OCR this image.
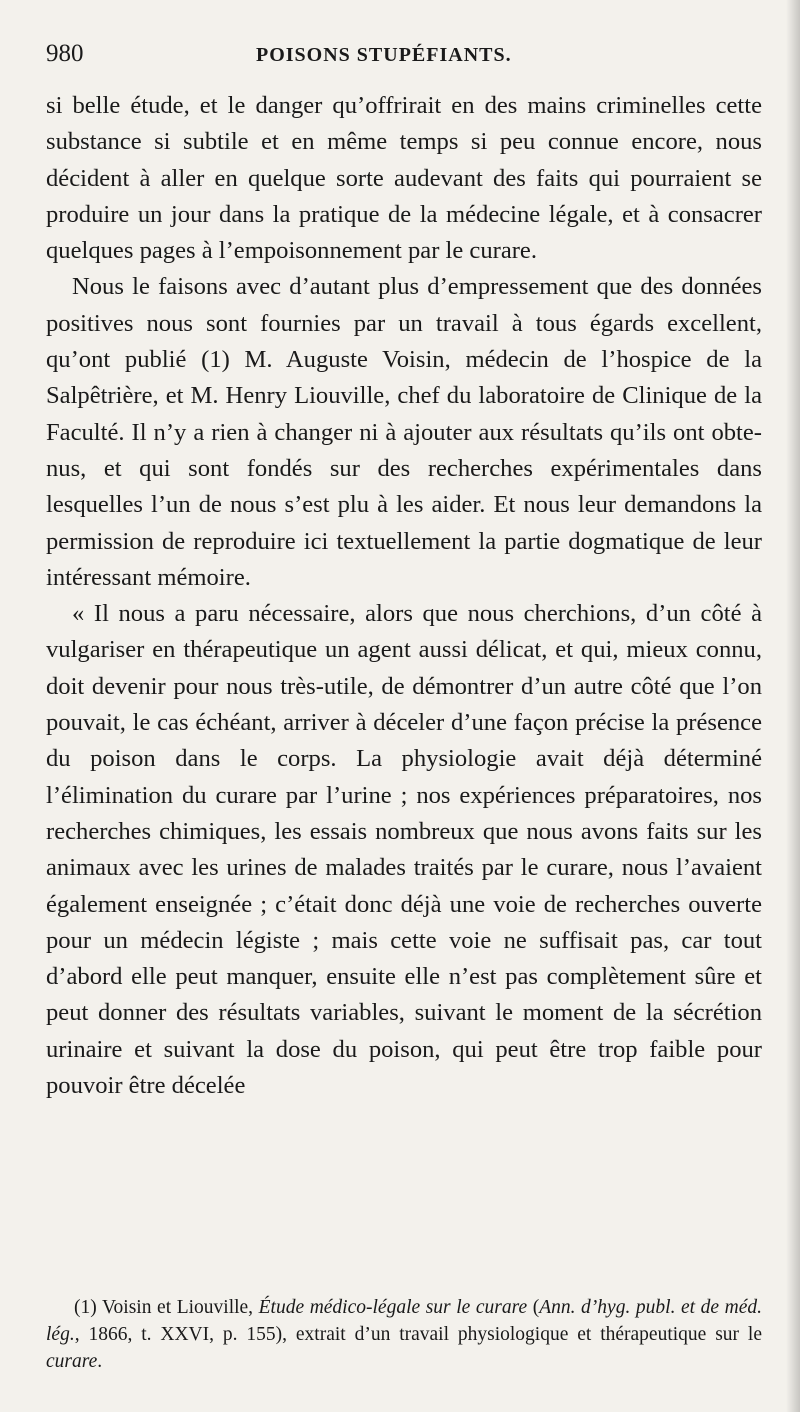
980	POISONS STUPÉFIANTS.

si belle étude, et le danger qu’offrirait en des mains criminelles cette substance si subtile et en même temps si peu connue encore, nous décident à aller en quelque sorte audevant des faits qui pourraient se produire un jour dans la pratique de la médecine légale, et à consacrer quelques pages à l’empoisonnement par le curare.

Nous le faisons avec d’autant plus d’empressement que des données positives nous sont fournies par un travail à tous égards excellent, qu’ont publié (1) M. Auguste Voisin, médecin de l’hospice de la Salpêtrière, et M. Henry Liouville, chef du laboratoire de Clinique de la Faculté. Il n’y a rien à changer ni à ajouter aux résultats qu’ils ont obtenus, et qui sont fondés sur des recherches expérimentales dans lesquelles l’un de nous s’est plu à les aider. Et nous leur demandons la permission de reproduire ici textuellement la partie dogmatique de leur intéressant mémoire.

« Il nous a paru nécessaire, alors que nous cherchions, d’un côté à vulgariser en thérapeutique un agent aussi délicat, et qui, mieux connu, doit devenir pour nous très-utile, de démontrer d’un autre côté que l’on pouvait, le cas échéant, arriver à déceler d’une façon précise la présence du poison dans le corps. La physiologie avait déjà déterminé l’élimination du curare par l’urine ; nos expériences préparatoires, nos recherches chimiques, les essais nombreux que nous avons faits sur les animaux avec les urines de malades traités par le curare, nous l’avaient également enseignée ; c’était donc déjà une voie de recherches ouverte pour un médecin légiste ; mais cette voie ne suffisait pas, car tout d’abord elle peut manquer, ensuite elle n’est pas complètement sûre et peut donner des résultats variables, suivant le moment de la sécrétion urinaire et suivant la dose du poison, qui peut être trop faible pour pouvoir être décelée

(1) Voisin et Liouville, Étude médico-légale sur le curare (Ann. d’hyg. publ. et de méd. lég., 1866, t. XXVI, p. 155), extrait d’un travail physiologique et thérapeutique sur le curare.
